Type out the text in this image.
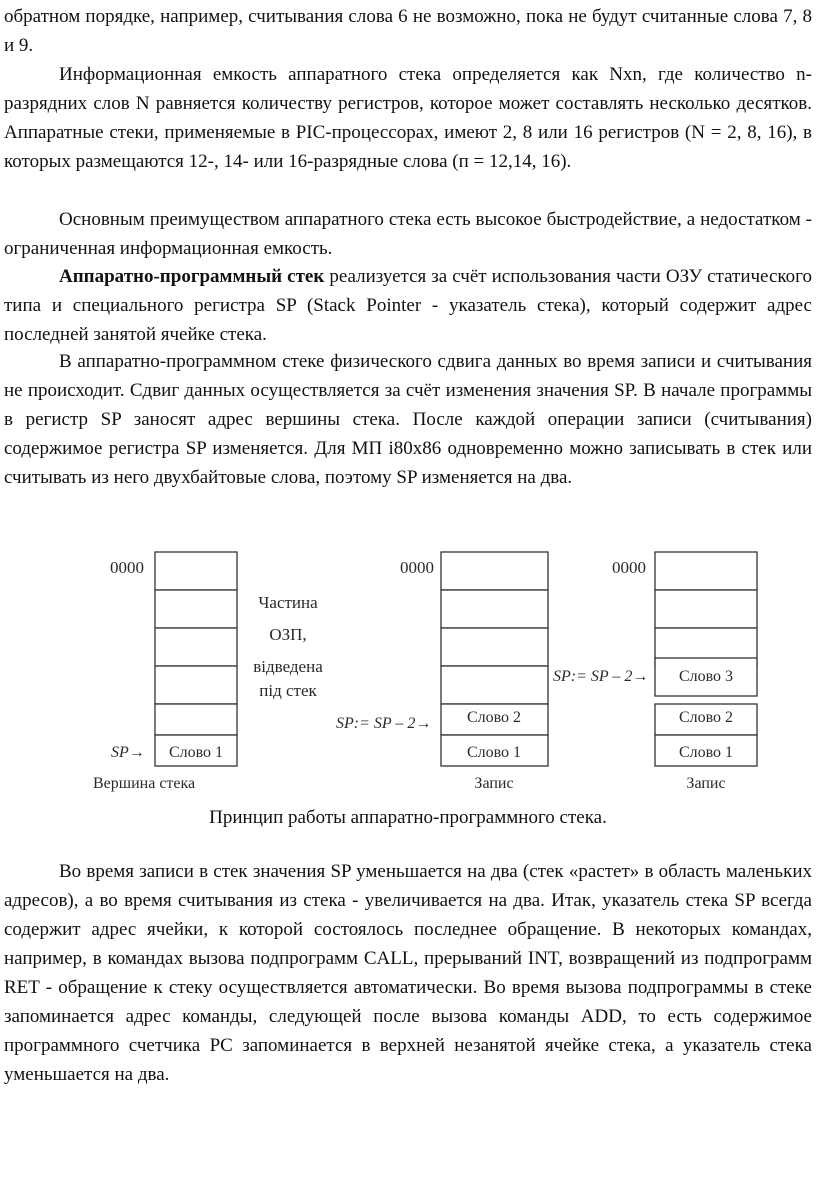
обратном порядке, например, считывания слова 6 не возможно, пока не будут считанные слова 7, 8 и 9.

Информационная емкость аппаратного стека определяется как Nxn, где количество n-разрядних слов N равняется количеству регистров, которое может составлять несколько десятков. Аппаратные стеки, применяемые в PIC-процессорах, имеют 2, 8 или 16 регистров (N = 2, 8, 16), в которых размещаются 12-, 14- или 16-разрядные слова (п = 12,14, 16).

Основным преимуществом аппаратного стека есть высокое быстродействие, а недостатком - ограниченная информационная емкость.

Аппаратно-программный стек реализуется за счёт использования части ОЗУ статического типа и специального регистра SP (Stack Pointer - указатель стека), который содержит адрес последней занятой ячейке стека.

В аппаратно-программном стеке физического сдвига данных во время записи и считывания не происходит. Сдвиг данных осуществляется за счёт изменения значения SP. В начале программы в регистр SP заносят адрес вершины стека. После каждой операции записи (считывания) содержимое регистра SP изменяется. Для МП i80x86 одновременно можно записывать в стек или считывать из него двухбайтовые слова, поэтому SP изменяется на два.

0000
Слово 1
SP→
Частина
ОЗП,
відведена
під стек
Вершина стека
0000
Слово 2
Слово 1
SP:= SP – 2→
Запис
0000
Слово 3
Слово 2
Слово 1
SP:= SP – 2→
Запис
Принцип работы аппаратно-программного стека.

Во время записи в стек значения SP уменьшается на два (стек «растет» в область маленьких адресов), а во время считывания из стека - увеличивается на два. Итак, указатель стека SP всегда содержит адрес ячейки, к которой состоялось последнее обращение. В некоторых командах, например, в командах вызова подпрограмм CALL, прерываний INT, возвращений из подпрограмм RET - обращение к стеку осуществляется автоматически. Во время вызова подпрограммы в стеке запоминается адрес команды, следующей после вызова команды ADD, то есть содержимое программного счетчика PC запоминается в верхней незанятой ячейке стека, а указатель стека уменьшается на два.
